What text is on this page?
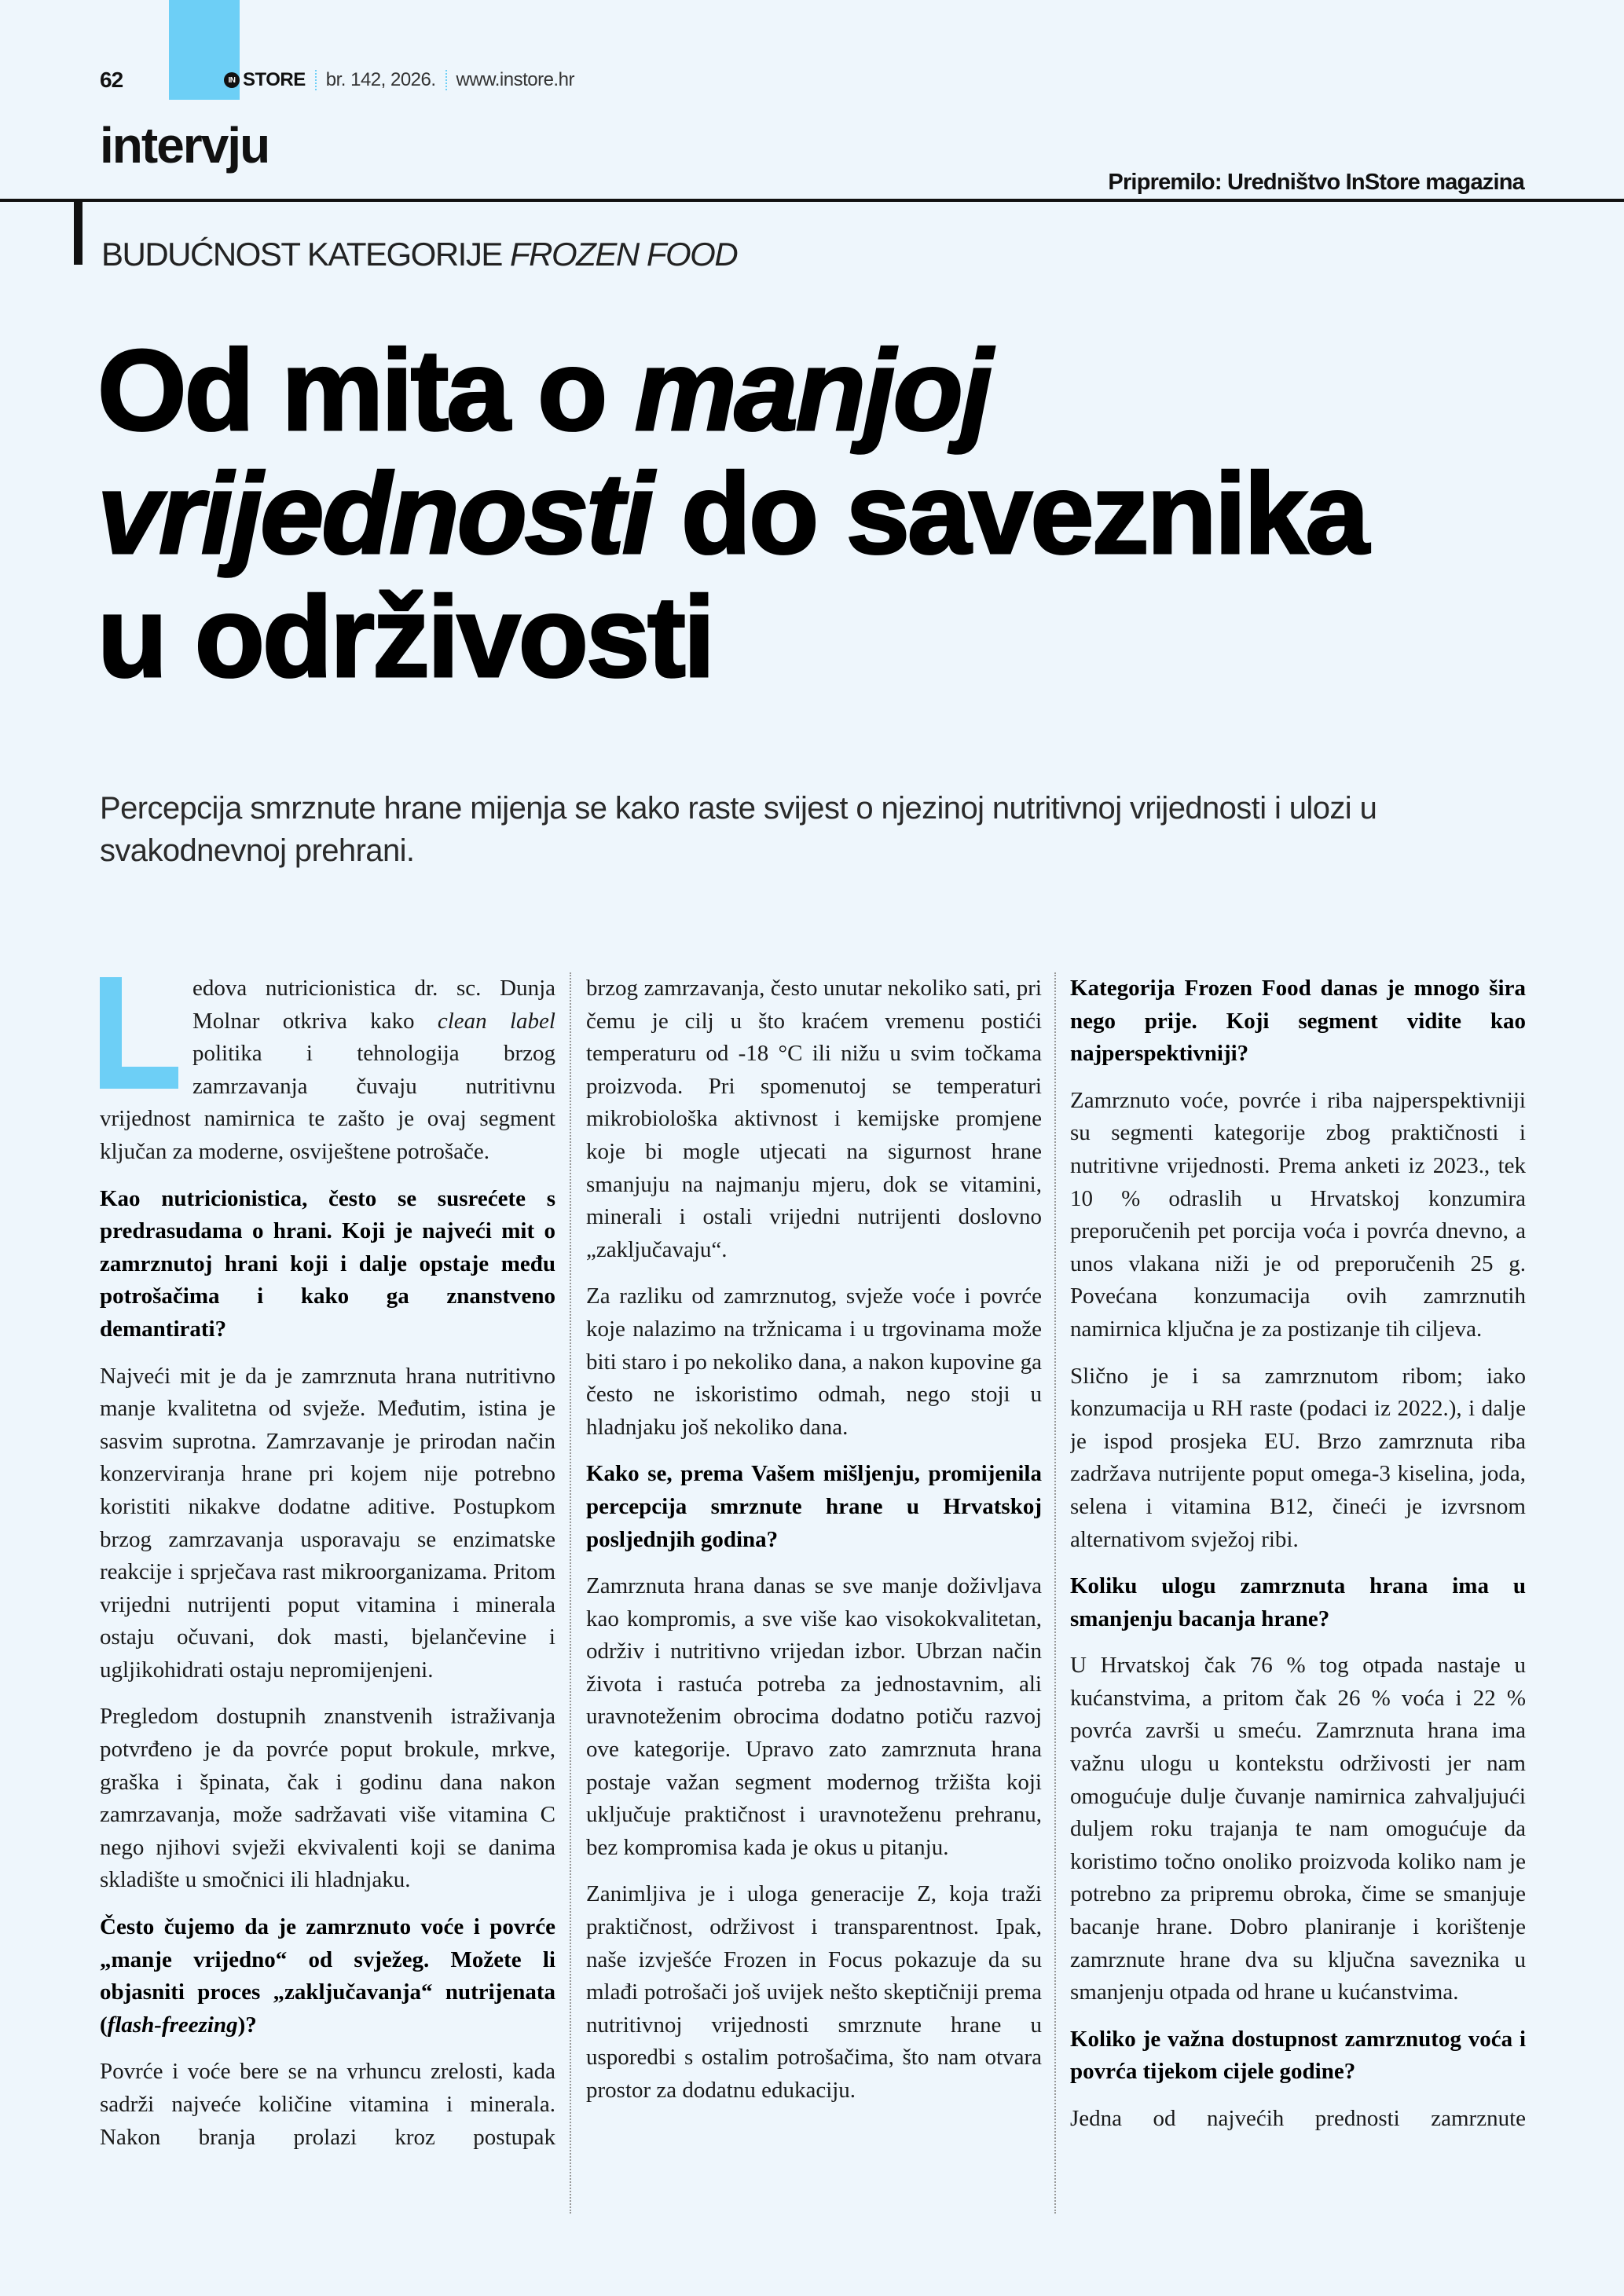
62	IN STORE br. 142, 2026. www.instore.hr
intervju
Pripremilo: Uredništvo InStore magazina
BUDUĆNOST KATEGORIJE FROZEN FOOD
Od mita o manjoj
vrijednosti do saveznika
u održivosti
Percepcija smrznute hrane mijenja se kako raste svijest o njezinoj nutritivnoj vrijednosti i ulozi u svakodnevnoj prehrani.

edova nutricionistica dr. sc. Dunja Molnar otkriva kako clean label politika i tehnologija brzog zamrzavanja čuvaju nutritivnu vrijednost namirnica te zašto je ovaj segment ključan za moderne, osviještene potrošače.

Kao nutricionistica, često se susrećete s predrasudama o hrani. Koji je najveći mit o zamrznutoj hrani koji i dalje opstaje među potrošačima i kako ga znanstveno demantirati?

Najveći mit je da je zamrznuta hrana nutritivno manje kvalitetna od svježe. Međutim, istina je sasvim suprotna. Zamrzavanje je prirodan način konzerviranja hrane pri kojem nije potrebno koristiti nikakve dodatne aditive. Postupkom brzog zamrzavanja usporavaju se enzimatske reakcije i sprječava rast mikroorganizama. Pritom vrijedni nutrijenti poput vitamina i minerala ostaju očuvani, dok masti, bjelančevine i ugljikohidrati ostaju nepromijenjeni.

Pregledom dostupnih znanstvenih istraživanja potvrđeno je da povrće poput brokule, mrkve, graška i špinata, čak i godinu dana nakon zamrzavanja, može sadržavati više vitamina C nego njihovi svježi ekvivalenti koji se danima skladište u smočnici ili hladnjaku.

Često čujemo da je zamrznuto voće i povrće „manje vrijedno“ od svježeg. Možete li objasniti proces „zaključavanja“ nutrijenata (flash-freezing)?

Povrće i voće bere se na vrhuncu zrelosti, kada sadrži najveće količine vitamina i minerala. Nakon branja prolazi kroz postupak

brzog zamrzavanja, često unutar nekoliko sati, pri čemu je cilj u što kraćem vremenu postići temperaturu od -18 °C ili nižu u svim točkama proizvoda. Pri spomenutoj se temperaturi mikrobiološka aktivnost i kemijske promjene koje bi mogle utjecati na sigurnost hrane smanjuju na najmanju mjeru, dok se vitamini, minerali i ostali vrijedni nutrijenti doslovno „zaključavaju“.

Za razliku od zamrznutog, svježe voće i povrće koje nalazimo na tržnicama i u trgovinama može biti staro i po nekoliko dana, a nakon kupovine ga često ne iskoristimo odmah, nego stoji u hladnjaku još nekoliko dana.

Kako se, prema Vašem mišljenju, promijenila percepcija smrznute hrane u Hrvatskoj posljednjih godina?

Zamrznuta hrana danas se sve manje doživljava kao kompromis, a sve više kao visokokvalitetan, održiv i nutritivno vrijedan izbor. Ubrzan način života i rastuća potreba za jednostavnim, ali uravnoteženim obrocima dodatno potiču razvoj ove kategorije. Upravo zato zamrznuta hrana postaje važan segment modernog tržišta koji uključuje praktičnost i uravnoteženu prehranu, bez kompromisa kada je okus u pitanju.

Zanimljiva je i uloga generacije Z, koja traži praktičnost, održivost i transparentnost. Ipak, naše izvješće Frozen in Focus pokazuje da su mlađi potrošači još uvijek nešto skeptičniji prema nutritivnoj vrijednosti smrznute hrane u usporedbi s ostalim potrošačima, što nam otvara prostor za dodatnu edukaciju.

Kategorija Frozen Food danas je mnogo šira nego prije. Koji segment vidite kao najperspektivniji?

Zamrznuto voće, povrće i riba najperspektivniji su segmenti kategorije zbog praktičnosti i nutritivne vrijednosti. Prema anketi iz 2023., tek 10 % odraslih u Hrvatskoj konzumira preporučenih pet porcija voća i povrća dnevno, a unos vlakana niži je od preporučenih 25 g. Povećana konzumacija ovih zamrznutih namirnica ključna je za postizanje tih ciljeva.

Slično je i sa zamrznutom ribom; iako konzumacija u RH raste (podaci iz 2022.), i dalje je ispod prosjeka EU. Brzo zamrznuta riba zadržava nutrijente poput omega-3 kiselina, joda, selena i vitamina B12, čineći je izvrsnom alternativom svježoj ribi.

Koliku ulogu zamrznuta hrana ima u smanjenju bacanja hrane?

U Hrvatskoj čak 76 % tog otpada nastaje u kućanstvima, a pritom čak 26 % voća i 22 % povrća završi u smeću. Zamrznuta hrana ima važnu ulogu u kontekstu održivosti jer nam omogućuje dulje čuvanje namirnica zahvaljujući duljem roku trajanja te nam omogućuje da koristimo točno onoliko proizvoda koliko nam je potrebno za pripremu obroka, čime se smanjuje bacanje hrane. Dobro planiranje i korištenje zamrznute hrane dva su ključna saveznika u smanjenju otpada od hrane u kućanstvima.

Koliko je važna dostupnost zamrznutog voća i povrća tijekom cijele godine?

Jedna od najvećih prednosti zamrznute
